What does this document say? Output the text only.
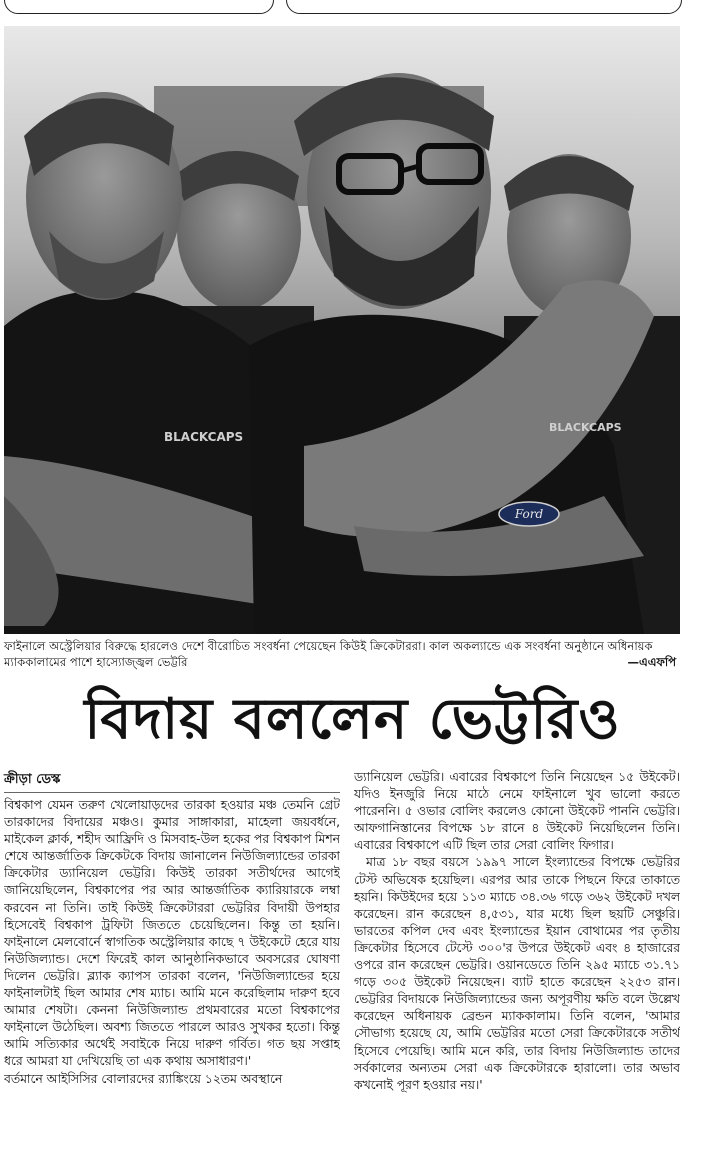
BLACKCAPS
BLACKCAPS
Ford
ফাইনালে অস্ট্রেলিয়ার বিরুদ্ধে হারলেও দেশে বীরোচিত সংবর্ধনা পেয়েছেন কিউই ক্রিকেটাররা। কাল অকল্যান্ডে এক সংবর্ধনা অনুষ্ঠানে অধিনায়ক ম্যাককালামের পাশে হাস্যোজ্জ্বল ভেট্টরি	—এএফপি
বিদায় বললেন ভেট্টরিও
ক্রীড়া ডেস্ক

বিশ্বকাপ যেমন তরুণ খেলোয়াড়দের তারকা হওয়ার মঞ্চ তেমনি গ্রেট তারকাদের বিদায়ের মঞ্চও। কুমার সাঙ্গাকারা, মাহেলা জয়বর্ধনে, মাইকেল ক্লার্ক, শহীদ আফ্রিদি ও মিসবাহ-উল হকের পর বিশ্বকাপ মিশন শেষে আন্তর্জাতিক ক্রিকেটকে বিদায় জানালেন নিউজিল্যান্ডের তারকা ক্রিকেটার ড্যানিয়েল ভেট্টরি। কিউই তারকা সতীর্থদের আগেই জানিয়েছিলেন, বিশ্বকাপের পর আর আন্তর্জাতিক ক্যারিয়ারকে লম্বা করবেন না তিনি। তাই কিউই ক্রিকেটাররা ভেট্টরির বিদায়ী উপহার হিসেবেই বিশ্বকাপ ট্রফিটা জিততে চেয়েছিলেন। কিন্তু তা হয়নি। ফাইনালে মেলবোর্নে স্বাগতিক অস্ট্রেলিয়ার কাছে ৭ উইকেটে হেরে যায় নিউজিল্যান্ড। দেশে ফিরেই কাল আনুষ্ঠানিকভাবে অবসরের ঘোষণা দিলেন ভেট্টরি। ব্ল্যাক ক্যাপস তারকা বলেন, 'নিউজিল্যান্ডের হয়ে ফাইনালটাই ছিল আমার শেষ ম্যাচ। আমি মনে করেছিলাম দারুণ হবে আমার শেষটা। কেননা নিউজিল্যান্ড প্রথমবারের মতো বিশ্বকাপের ফাইনালে উঠেছিল। অবশ্য জিততে পারলে আরও সুখকর হতো। কিন্তু আমি সত্যিকার অর্থেই সবাইকে নিয়ে দারুণ গর্বিত। গত ছয় সপ্তাহ ধরে আমরা যা দেখিয়েছি তা এক কথায় অসাধারণ।'

বর্তমানে আইসিসির বোলারদের র‍্যাঙ্কিংয়ে ১২তম অবস্থানে

ড্যানিয়েল ভেট্টরি। এবারের বিশ্বকাপে তিনি নিয়েছেন ১৫ উইকেট। যদিও ইনজুরি নিয়ে মাঠে নেমে ফাইনালে খুব ভালো করতে পারেননি। ৫ ওভার বোলিং করলেও কোনো উইকেট পাননি ভেট্টরি। আফগানিস্তানের বিপক্ষে ১৮ রানে ৪ উইকেট নিয়েছিলেন তিনি। এবারের বিশ্বকাপে এটি ছিল তার সেরা বোলিং ফিগার।

মাত্র ১৮ বছর বয়সে ১৯৯৭ সালে ইংল্যান্ডের বিপক্ষে ভেট্টরির টেস্ট অভিষেক হয়েছিল। এরপর আর তাকে পিছনে ফিরে তাকাতে হয়নি। কিউইদের হয়ে ১১৩ ম্যাচে ৩৪.৩৬ গড়ে ৩৬২ উইকেট দখল করেছেন। রান করেছেন ৪,৫৩১, যার মধ্যে ছিল ছয়টি সেঞ্চুরি। ভারতের কপিল দেব এবং ইংল্যান্ডের ইয়ান বোথামের পর তৃতীয় ক্রিকেটার হিসেবে টেস্টে ৩০০'র উপরে উইকেট এবং ৪ হাজারের ওপরে রান করেছেন ভেট্টরি। ওয়ানডেতে তিনি ২৯৫ ম্যাচে ৩১.৭১ গড়ে ৩০৫ উইকেট নিয়েছেন। ব্যাট হাতে করেছেন ২২৫৩ রান। ভেট্টরির বিদায়কে নিউজিল্যান্ডের জন্য অপূরণীয় ক্ষতি বলে উল্লেখ করেছেন অধিনায়ক ব্রেন্ডন ম্যাককালাম। তিনি বলেন, 'আমার সৌভাগ্য হয়েছে যে, আমি ভেট্টরির মতো সেরা ক্রিকেটারকে সতীর্থ হিসেবে পেয়েছি। আমি মনে করি, তার বিদায় নিউজিল্যান্ড তাদের সর্বকালের অন্যতম সেরা এক ক্রিকেটারকে হারালো। তার অভাব কখনোই পূরণ হওয়ার নয়।'
